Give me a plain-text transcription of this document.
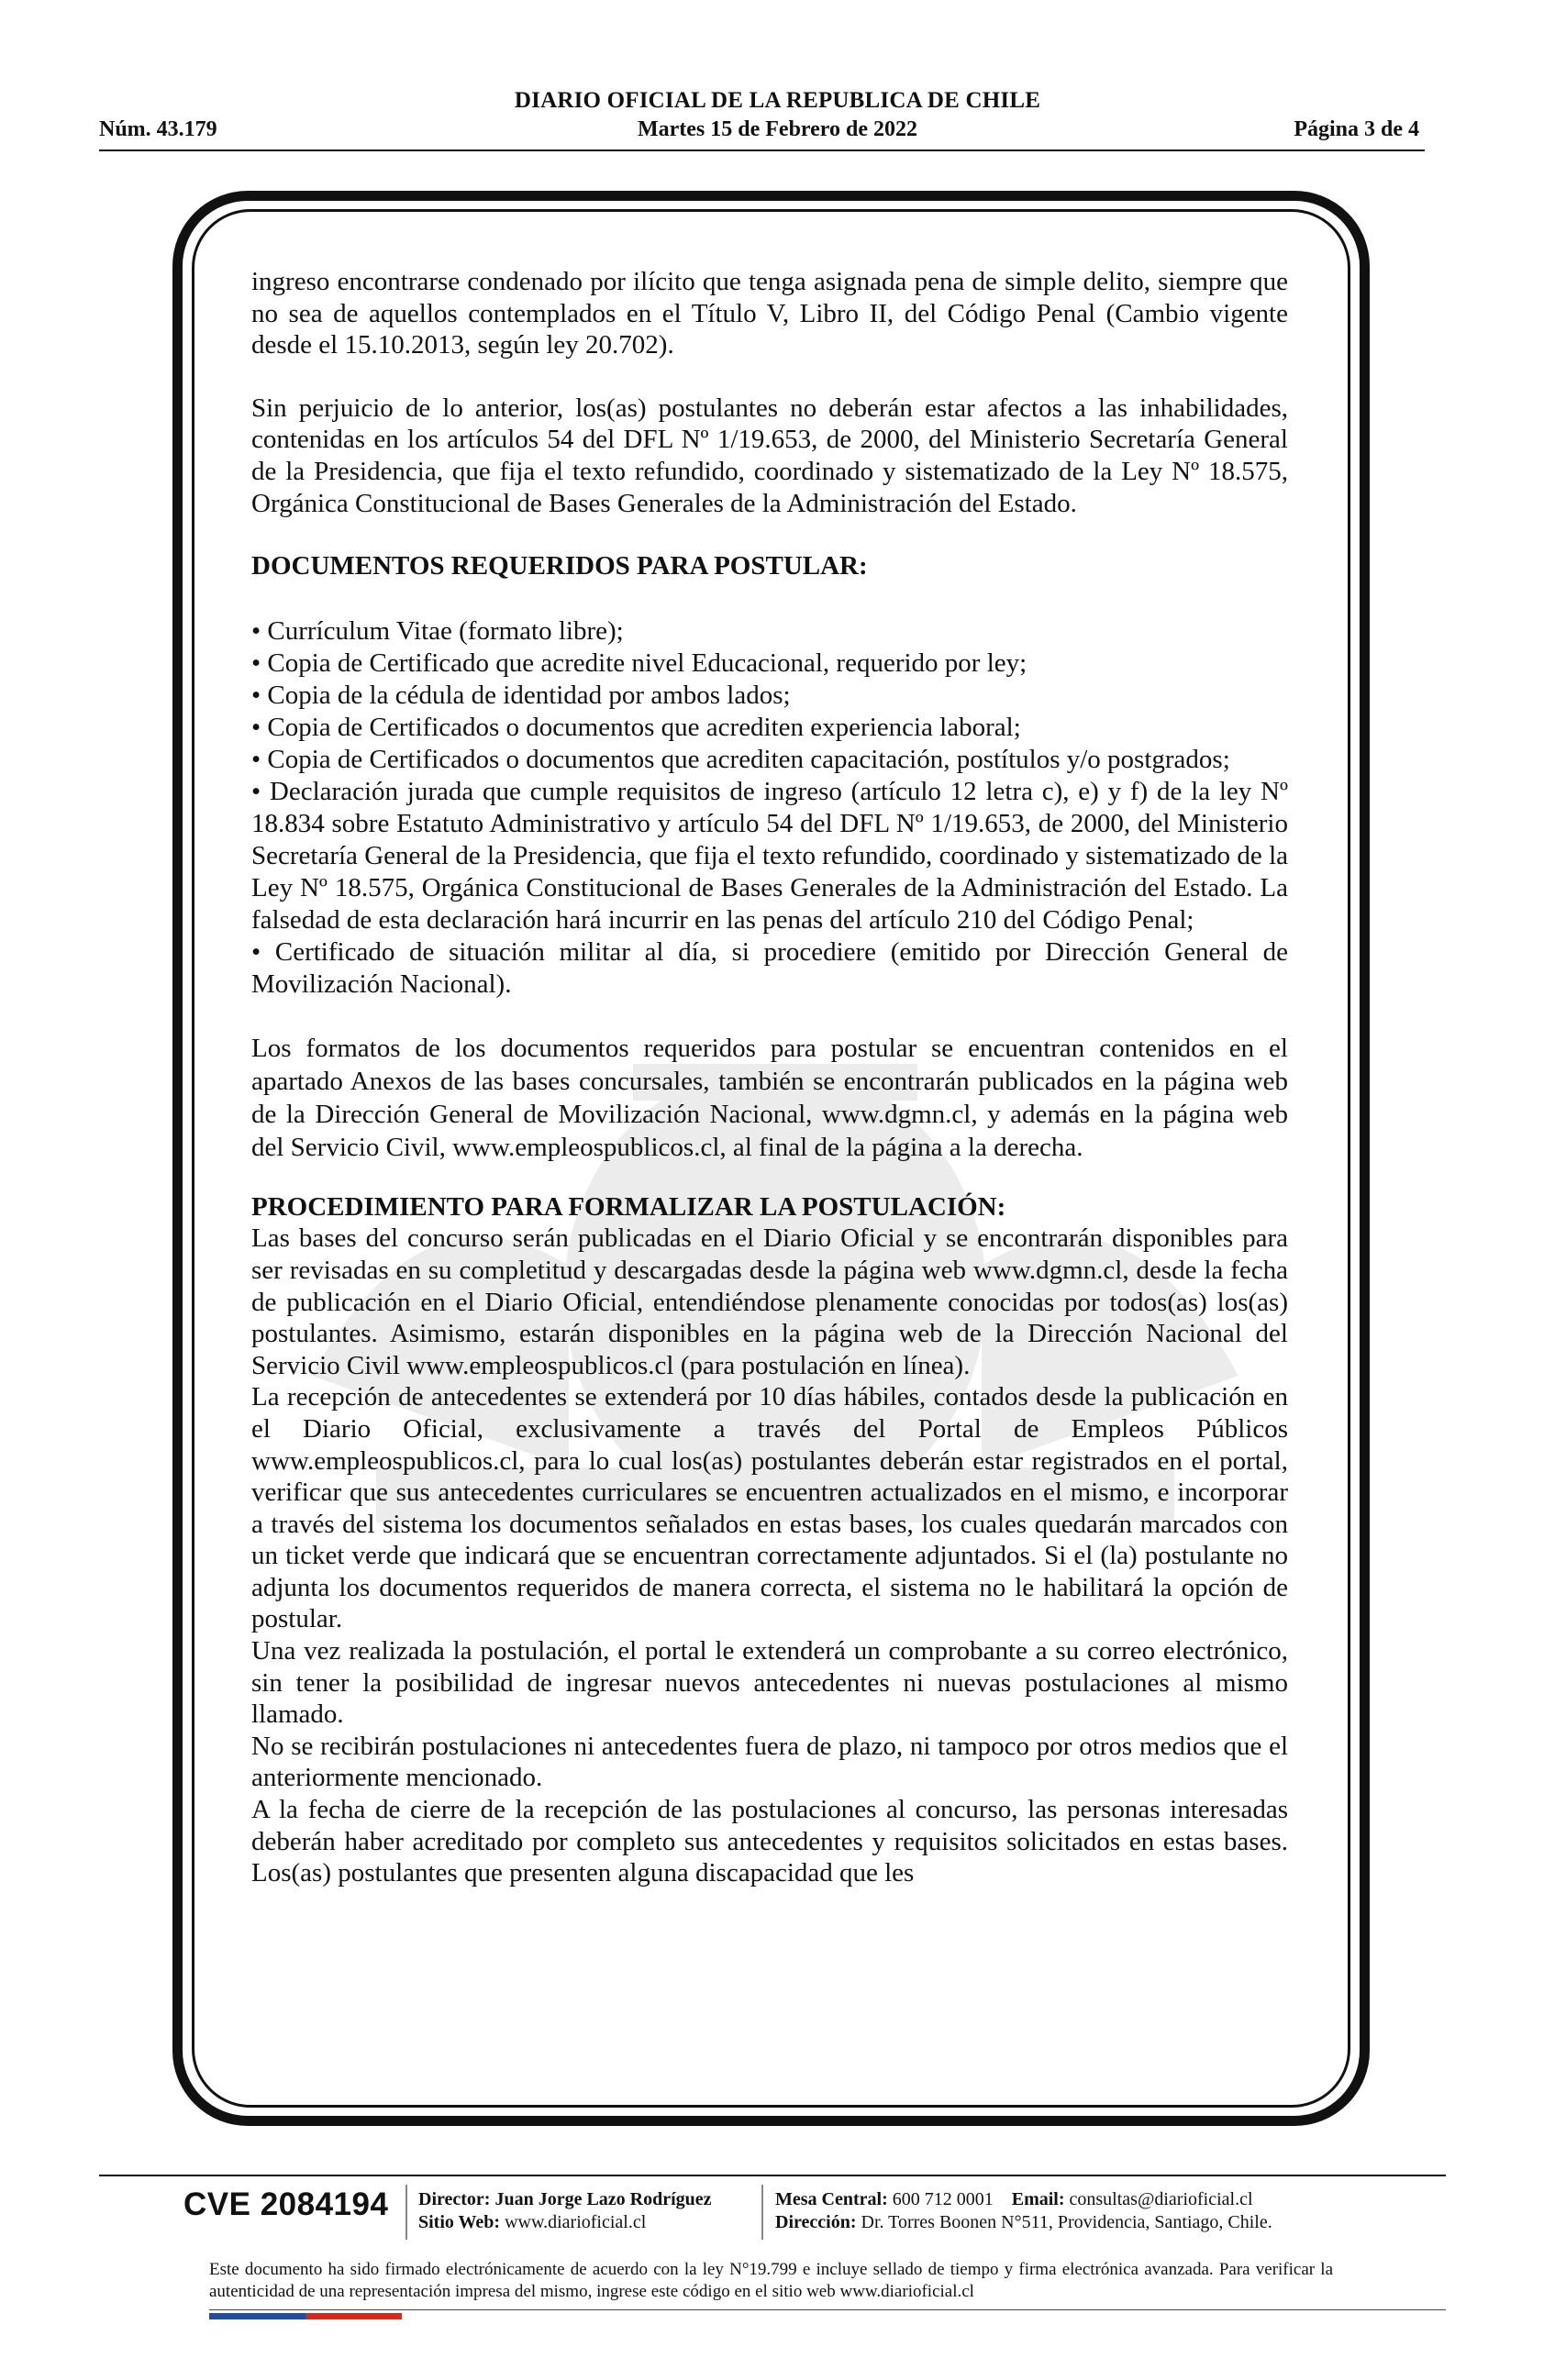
DIARIO OFICIAL DE LA REPUBLICA DE CHILE
Núm. 43.179	Martes 15 de Febrero de 2022	Página 3 de 4

ingreso encontrarse condenado por ilícito que tenga asignada pena de simple delito, siempre que no sea de aquellos contemplados en el Título V, Libro II, del Código Penal (Cambio vigente desde el 15.10.2013, según ley 20.702).

Sin perjuicio de lo anterior, los(as) postulantes no deberán estar afectos a las inhabilidades, contenidas en los artículos 54 del DFL Nº 1/19.653, de 2000, del Ministerio Secretaría General de la Presidencia, que fija el texto refundido, coordinado y sistematizado de la Ley Nº 18.575, Orgánica Constitucional de Bases Generales de la Administración del Estado.

DOCUMENTOS REQUERIDOS PARA POSTULAR:

• Currículum Vitae (formato libre);

• Copia de Certificado que acredite nivel Educacional, requerido por ley;

• Copia de la cédula de identidad por ambos lados;

• Copia de Certificados o documentos que acrediten experiencia laboral;

• Copia de Certificados o documentos que acrediten capacitación, postítulos y/o postgrados;

• Declaración jurada que cumple requisitos de ingreso (artículo 12 letra c), e) y f) de la ley Nº 18.834 sobre Estatuto Administrativo y artículo 54 del DFL Nº 1/19.653, de 2000, del Ministerio Secretaría General de la Presidencia, que fija el texto refundido, coordinado y sistematizado de la Ley Nº 18.575, Orgánica Constitucional de Bases Generales de la Administración del Estado. La falsedad de esta declaración hará incurrir en las penas del artículo 210 del Código Penal;

• Certificado de situación militar al día, si procediere (emitido por Dirección General de Movilización Nacional).

Los formatos de los documentos requeridos para postular se encuentran contenidos en el apartado Anexos de las bases concursales, también se encontrarán publicados en la página web de la Dirección General de Movilización Nacional, www.dgmn.cl, y además en la página web del Servicio Civil, www.empleospublicos.cl, al final de la página a la derecha.

PROCEDIMIENTO PARA FORMALIZAR LA POSTULACIÓN:

Las bases del concurso serán publicadas en el Diario Oficial y se encontrarán disponibles para ser revisadas en su completitud y descargadas desde la página web www.dgmn.cl, desde la fecha de publicación en el Diario Oficial, entendiéndose plenamente conocidas por todos(as) los(as) postulantes. Asimismo, estarán disponibles en la página web de la Dirección Nacional del Servicio Civil www.empleospublicos.cl (para postulación en línea).

La recepción de antecedentes se extenderá por 10 días hábiles, contados desde la publicación en el Diario Oficial, exclusivamente a través del Portal de Empleos Públicos www.empleospublicos.cl, para lo cual los(as) postulantes deberán estar registrados en el portal, verificar que sus antecedentes curriculares se encuentren actualizados en el mismo, e incorporar a través del sistema los documentos señalados en estas bases, los cuales quedarán marcados con un ticket verde que indicará que se encuentran correctamente adjuntados. Si el (la) postulante no adjunta los documentos requeridos de manera correcta, el sistema no le habilitará la opción de postular.

Una vez realizada la postulación, el portal le extenderá un comprobante a su correo electrónico, sin tener la posibilidad de ingresar nuevos antecedentes ni nuevas postulaciones al mismo llamado.

No se recibirán postulaciones ni antecedentes fuera de plazo, ni tampoco por otros medios que el anteriormente mencionado.

A la fecha de cierre de la recepción de las postulaciones al concurso, las personas interesadas deberán haber acreditado por completo sus antecedentes y requisitos solicitados en estas bases. Los(as) postulantes que presenten alguna discapacidad que les

CVE 2084194 Director: Juan Jorge Lazo Rodríguez
Sitio Web: www.diarioficial.cl
Mesa Central: 600 712 0001 Email: consultas@diarioficial.cl
Dirección: Dr. Torres Boonen N°511, Providencia, Santiago, Chile.
Este documento ha sido firmado electrónicamente de acuerdo con la ley N°19.799 e incluye sellado de tiempo y firma electrónica avanzada. Para verificar la autenticidad de una representación impresa del mismo, ingrese este código en el sitio web www.diarioficial.cl
